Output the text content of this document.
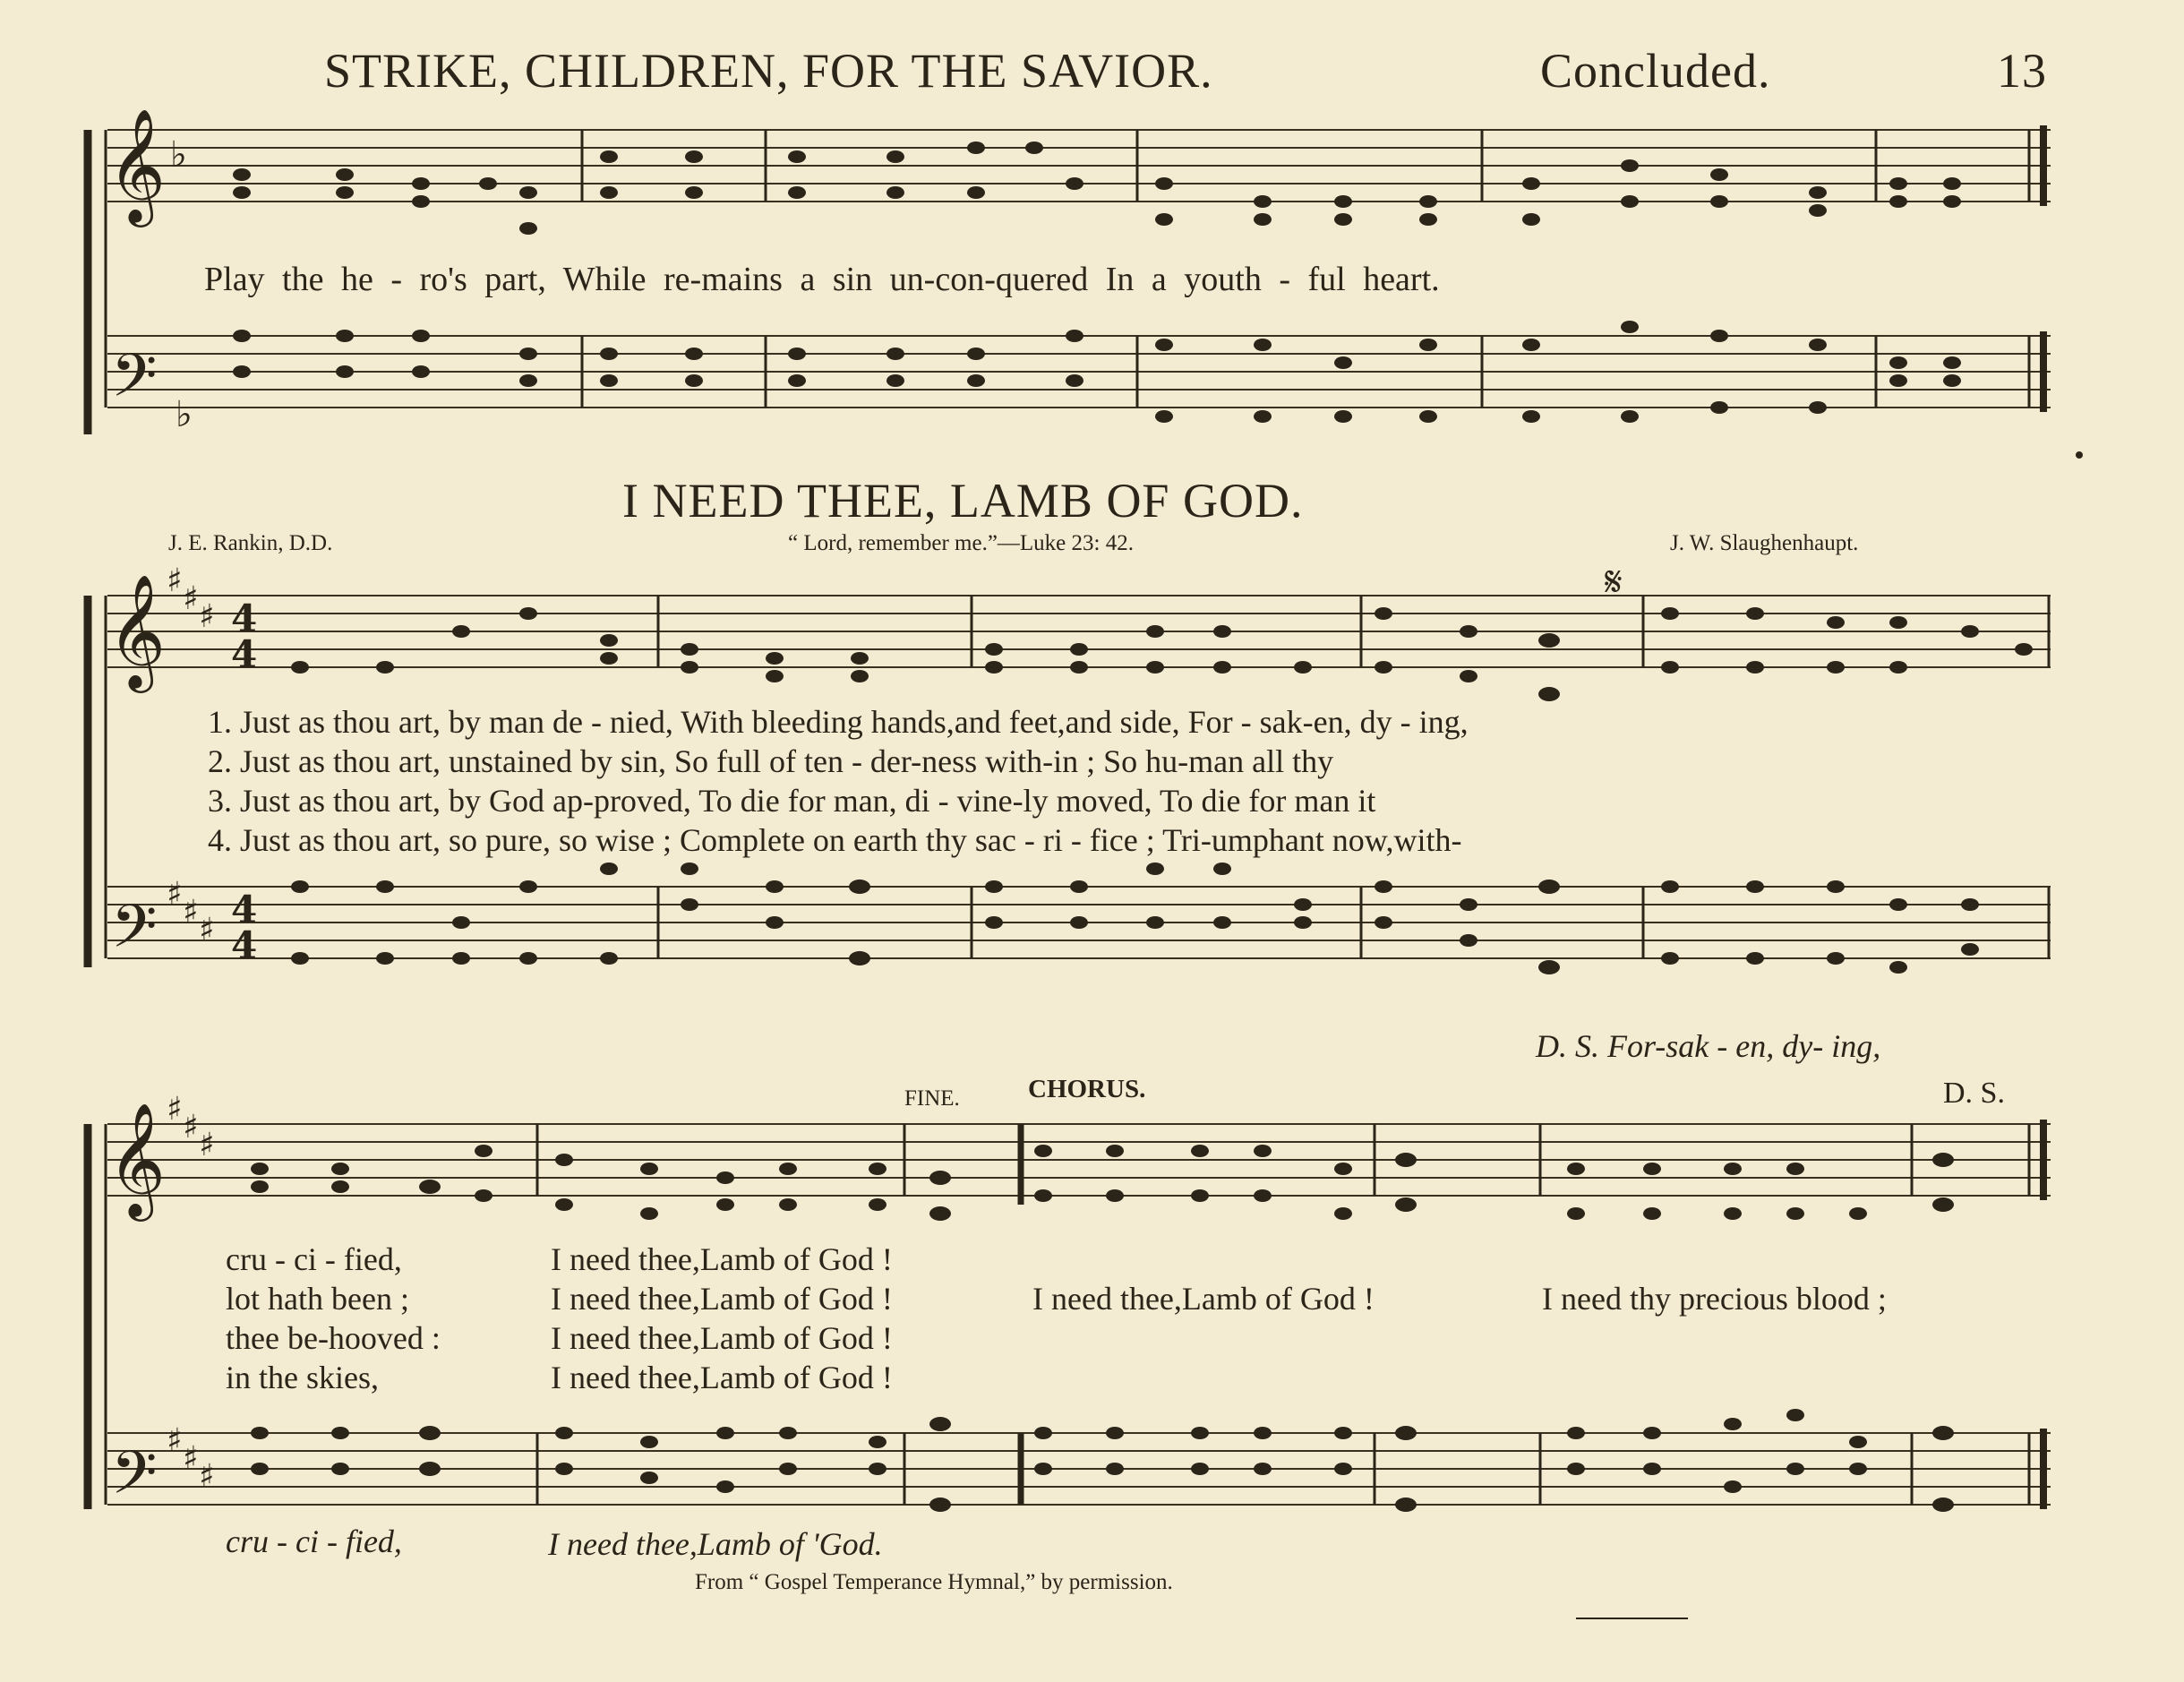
STRIKE, CHILDREN, FOR THE SAVIOR.	Concluded.	13
𝄞
𝄢
♭
♭
𝄞
𝄢
♯ ♯ ♯
♯ ♯ ♯
4
4
4
4
𝄋
𝄞
𝄢
♯ ♯ ♯
♯ ♯ ♯
Play the he - ro's part, While re-mains a sin un-con-quered In a youth - ful heart.
I NEED THEE, LAMB OF GOD.
J. E. Rankin, D.D.	“ Lord, remember me.”—Luke 23: 42.	J. W. Slaughenhaupt.
1. Just as thou art, by man de - nied, With bleeding hands,and feet,and side, For - sak-en, dy - ing,
2. Just as thou art, unstained by sin, So full of ten - der-ness with-in ; So hu-man all thy
3. Just as thou art, by God ap-proved, To die for man, di - vine-ly moved, To die for man it
4. Just as thou art, so pure, so wise ; Complete on earth thy sac - ri - fice ; Tri-umphant now,with-
D. S. For-sak - en, dy- ing,
FINE.	CHORUS.	D. S.
cru - ci - fied,
lot hath been ;
thee be-hooved :
in the skies,
I need thee,Lamb of God !
I need thee,Lamb of God !
I need thee,Lamb of God !
I need thee,Lamb of God !
I need thee,Lamb of God !	I need thy precious blood ;
cru - ci - fied,	I need thee,Lamb of 'God.
From “ Gospel Temperance Hymnal,” by permission.
